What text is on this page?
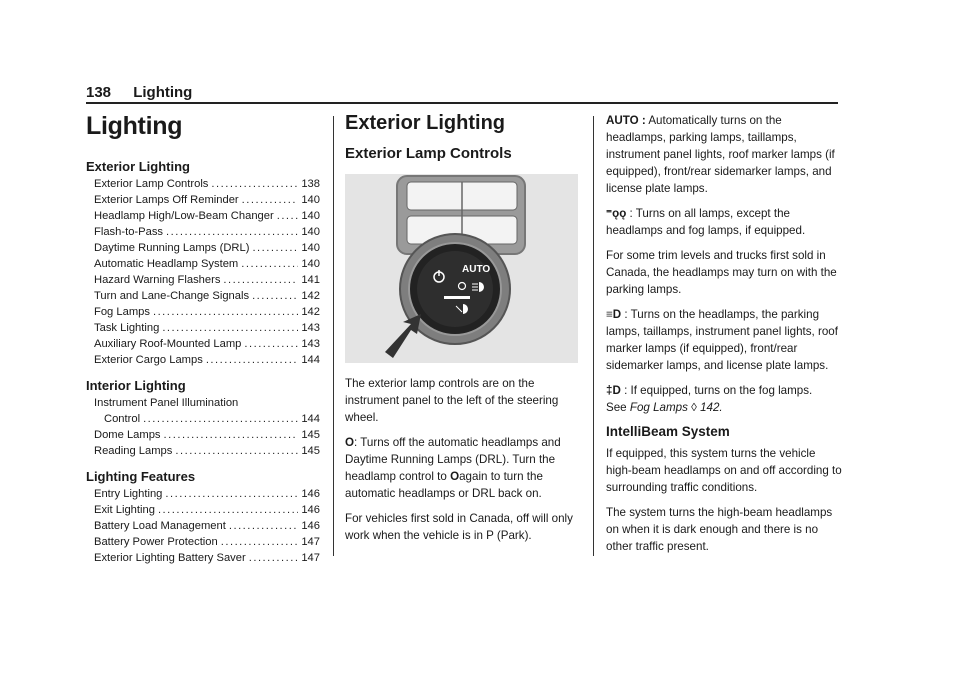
138 Lighting
Lighting
Exterior Lighting
Exterior Lamp Controls .....	138
Exterior Lamps Off Reminder .....	140
Headlamp High/Low-Beam Changer ..... 140
Flash-to-Pass .....	140
Daytime Running Lamps (DRL) .....	140
Automatic Headlamp System .....	140
Hazard Warning Flashers .....	141
Turn and Lane-Change Signals .....	142
Fog Lamps .....	142
Task Lighting .....	143
Auxiliary Roof-Mounted Lamp .....	143
Exterior Cargo Lamps .....	144
Interior Lighting
Instrument Panel Illumination
Control .....	144
Dome Lamps .....	145
Reading Lamps .....	145
Lighting Features
Entry Lighting .....	146
Exit Lighting .....	146
Battery Load Management .....	146
Battery Power Protection .....	147
Exterior Lighting Battery Saver .....	147
Exterior Lighting
Exterior Lamp Controls
AUTO

The exterior lamp controls are on the instrument panel to the left of the steering wheel.

O: Turns off the automatic headlamps and Daytime Running Lamps (DRL). Turn the headlamp control to Oagain to turn the automatic headlamps or DRL back on.

For vehicles first sold in Canada, off will only work when the vehicle is in P (Park).

AUTO : Automatically turns on the headlamps, parking lamps, taillamps, instrument panel lights, roof marker lamps (if equipped), front/rear sidemarker lamps, and license plate lamps.

⁼ǫǫ : Turns on all lamps, except the headlamps and fog lamps, if equipped.

For some trim levels and trucks first sold in Canada, the headlamps may turn on with the parking lamps.

≡D : Turns on the headlamps, the parking lamps, taillamps, instrument panel lights, roof marker lamps (if equipped), front/rear sidemarker lamps, and license plate lamps.

‡D : If equipped, turns on the fog lamps.
See Fog Lamps ◊ 142.

IntelliBeam System

If equipped, this system turns the vehicle high-beam headlamps on and off according to surrounding traffic conditions.

The system turns the high-beam headlamps on when it is dark enough and there is no other traffic present.
